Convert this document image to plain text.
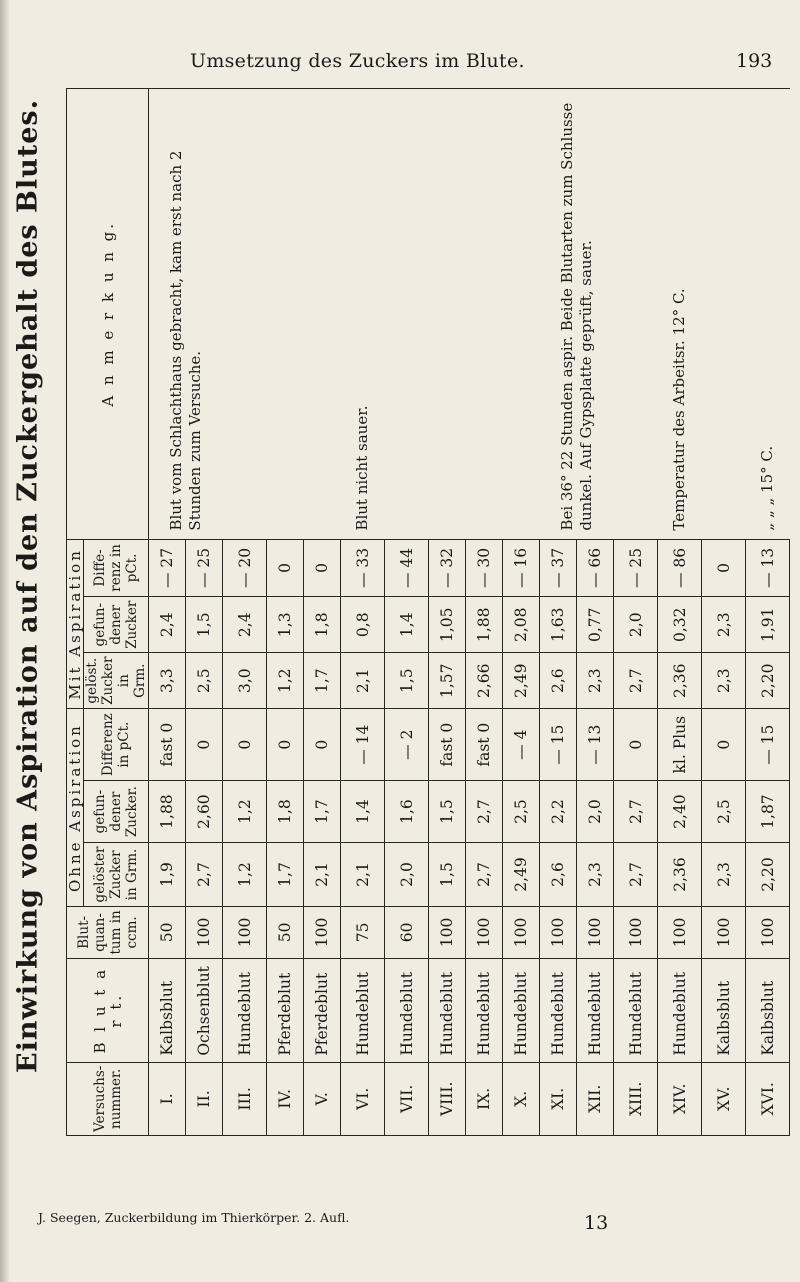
Umsetzung des Zuckers im Blute.	193
Einwirkung von Aspiration auf den Zuckergehalt des Blutes.
Versuchs-nummer.	B l u t a r t.	Blut-quan-tum in ccm.	Ohne Aspiration			Mit Aspiration			A n m e r k u n g.
			gelöster Zucker in Grm.	gefun-dener Zucker.	Differenz in pCt.	gelöst. Zucker in Grm.	gefun-dener Zucker	Diffe-renz in pCt.	
I.	Kalbsblut	50	1,9	1,88	fast 0	3,3	2,4	— 27	Blut vom Schlachthaus gebracht, kam erst nach 2 Stunden zum Versuche.
II.	Ochsenblut	100	2,7	2,60	0	2,5	1,5	— 25	
III.	Hundeblut	100	1,2	1,2	0	3,0	2,4	— 20	
IV.	Pferdeblut	50	1,7	1,8	0	1,2	1,3	0	
V.	Pferdeblut	100	2,1	1,7	0	1,7	1,8	0	
VI.	Hundeblut	75	2,1	1,4	— 14	2,1	0,8	— 33	Blut nicht sauer.
VII.	Hundeblut	60	2,0	1,6	— 2	1,5	1,4	— 44	
VIII.	Hundeblut	100	1,5	1,5	fast 0	1,57	1,05	— 32	
IX.	Hundeblut	100	2,7	2,7	fast 0	2,66	1,88	— 30	
X.	Hundeblut	100	2,49	2,5	— 4	2,49	2,08	— 16	
XI.	Hundeblut	100	2,6	2,2	— 15	2,6	1,63	— 37	Bei 36° 22 Stunden aspir. Beide Blutarten zum Schlusse dunkel. Auf Gypsplatte geprüft, sauer.
XII.	Hundeblut	100	2,3	2,0	— 13	2,3	0,77	— 66	
XIII.	Hundeblut	100	2,7	2,7	0	2,7	2,0	— 25	
XIV.	Hundeblut	100	2,36	2,40	kl. Plus	2,36	0,32	— 86	Temperatur des Arbeitsr. 12° C.
XV.	Kalbsblut	100	2,3	2,5	0	2,3	2,3	0	
XVI.	Kalbsblut	100	2,20	1,87	— 15	2,20	1,91	— 13	„ „ „ 15° C.
J. Seegen, Zuckerbildung im Thierkörper. 2. Aufl.	13
